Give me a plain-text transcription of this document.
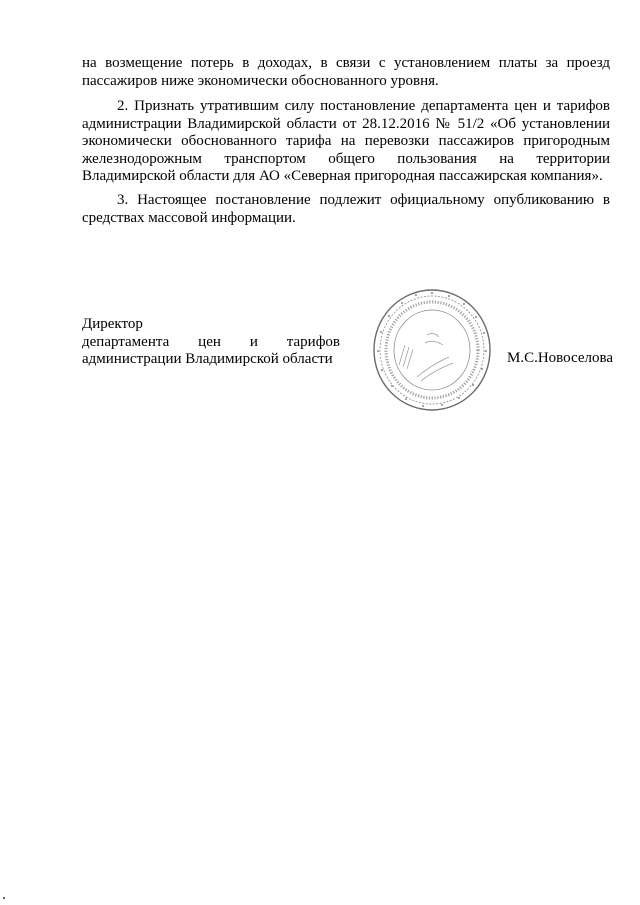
на возмещение потерь в доходах, в связи с установлением платы за проезд пассажиров ниже экономически обоснованного уровня.

2. Признать утратившим силу постановление департамента цен и тарифов администрации Владимирской области от 28.12.2016 № 51/2 «Об установлении экономически обоснованного тарифа на перевозки пассажиров пригородным железнодорожным транспортом общего пользования на территории Владимирской области для АО «Северная пригородная пассажирская компания».

3. Настоящее постановление подлежит официальному опубликованию в средствах массовой информации.

Директор
департамента цен и тарифов
администрации Владимирской области	М.С.Новоселова
